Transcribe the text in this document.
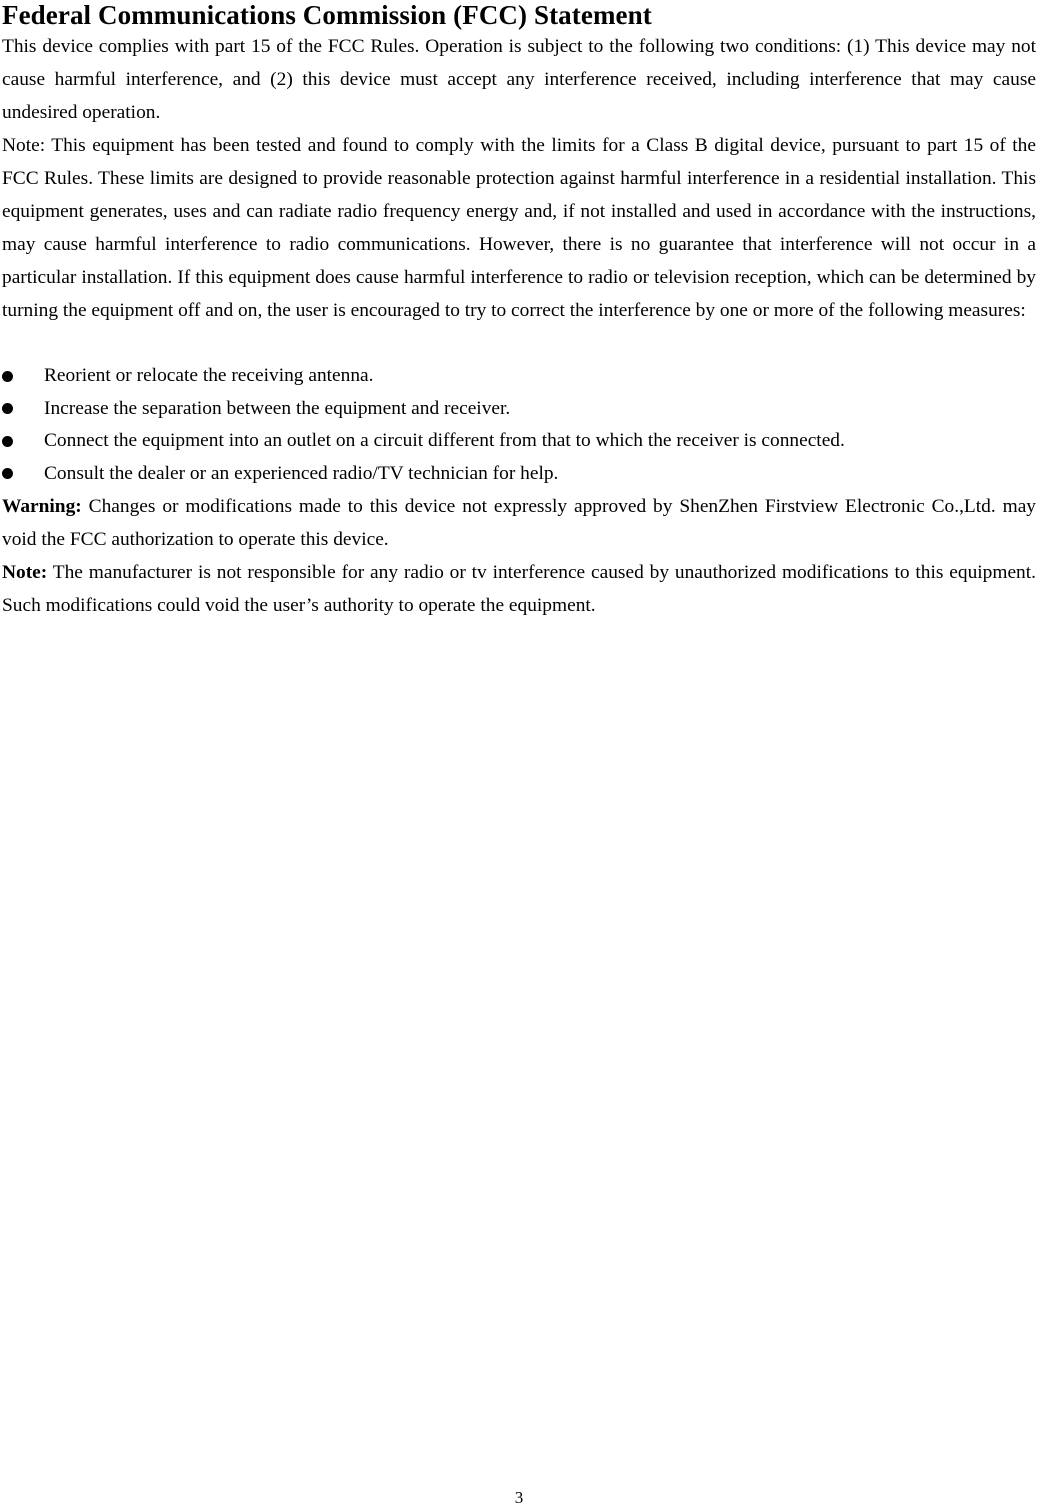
Federal Communications Commission (FCC) Statement

This device complies with part 15 of the FCC Rules. Operation is subject to the following two conditions: (1) This device may not cause harmful interference, and (2) this device must accept any interference received, including interference that may cause undesired operation.

Note: This equipment has been tested and found to comply with the limits for a Class B digital device, pursuant to part 15 of the FCC Rules. These limits are designed to provide reasonable protection against harmful interference in a residential installation. This equipment generates, uses and can radiate radio frequency energy and, if not installed and used in accordance with the instructions, may cause harmful interference to radio communications. However, there is no guarantee that interference will not occur in a particular installation. If this equipment does cause harmful interference to radio or television reception, which can be determined by turning the equipment off and on, the user is encouraged to try to correct the interference by one or more of the following measures:

Reorient or relocate the receiving antenna.
Increase the separation between the equipment and receiver.
Connect the equipment into an outlet on a circuit different from that to which the receiver is connected.
Consult the dealer or an experienced radio/TV technician for help.

Warning: Changes or modifications made to this device not expressly approved by ShenZhen Firstview Electronic Co.,Ltd. may void the FCC authorization to operate this device.

Note: The manufacturer is not responsible for any radio or tv interference caused by unauthorized modifications to this equipment. Such modifications could void the user’s authority to operate the equipment.

3
